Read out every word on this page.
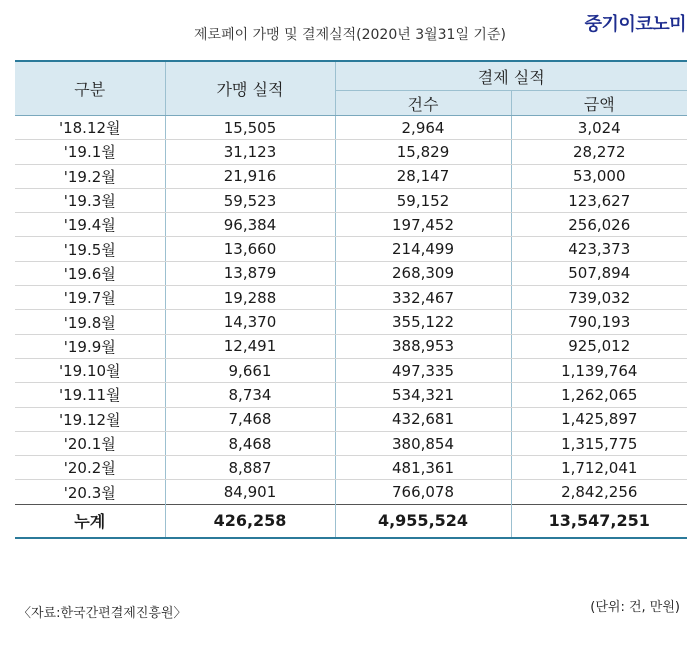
제로페이 가맹 및 결제실적(2020년 3월31일 기준)	중기이코노미
구분	가맹 실적	결제 실적	
		건수	금액
'18.12월	15,505	2,964	3,024
'19.1월	31,123	15,829	28,272
'19.2월	21,916	28,147	53,000
'19.3월	59,523	59,152	123,627
'19.4월	96,384	197,452	256,026
'19.5월	13,660	214,499	423,373
'19.6월	13,879	268,309	507,894
'19.7월	19,288	332,467	739,032
'19.8월	14,370	355,122	790,193
'19.9월	12,491	388,953	925,012
'19.10월	9,661	497,335	1,139,764
'19.11월	8,734	534,321	1,262,065
'19.12월	7,468	432,681	1,425,897
'20.1월	8,468	380,854	1,315,775
'20.2월	8,887	481,361	1,712,041
'20.3월	84,901	766,078	2,842,256
누계	426,258	4,955,524	13,547,251
〈자료:한국간편결제진흥원〉	(단위: 건, 만원)
